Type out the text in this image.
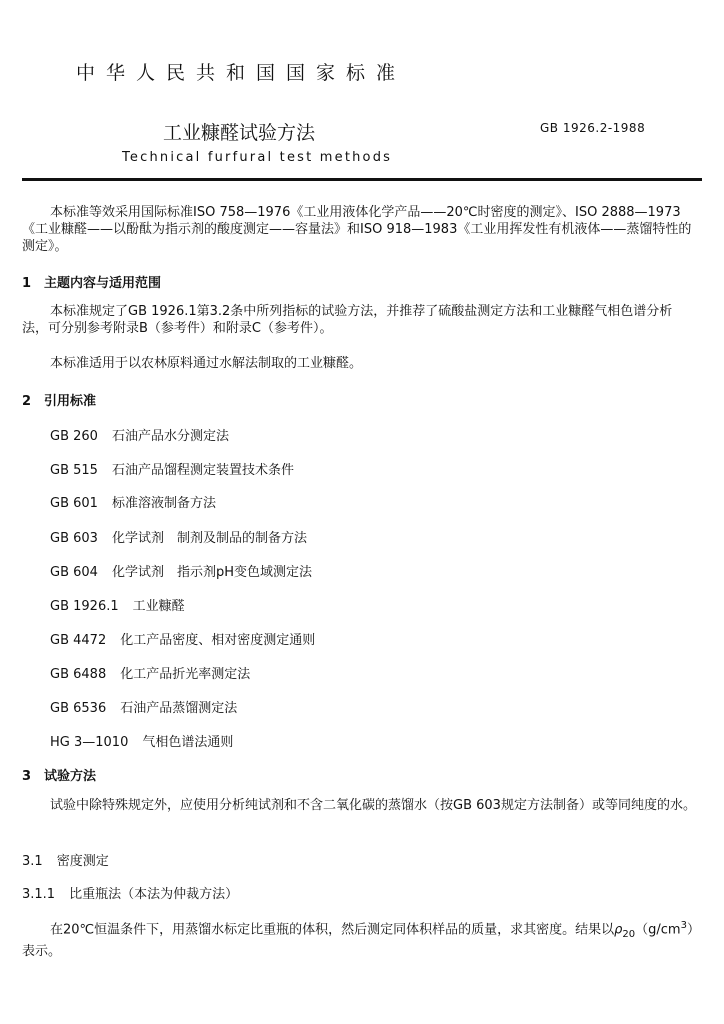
中华人民共和国国家标准
工业糠醛试验方法	GB 1926.2-1988
Technical furfural test methods
本标准等效采用国际标准ISO 758—1976《工业用液体化学产品——20℃时密度的测定》、ISO 2888—1973《工业糠醛——以酚酞为指示剂的酸度测定——容量法》和ISO 918—1983《工业用挥发性有机液体——蒸馏特性的测定》。
1 主题内容与适用范围
本标准规定了GB 1926.1第3.2条中所列指标的试验方法，并推荐了硫酸盐测定方法和工业糠醛气相色谱分析法，可分别参考附录B（参考件）和附录C（参考件）。
本标准适用于以农林原料通过水解法制取的工业糠醛。
2 引用标准
GB 260 石油产品水分测定法
GB 515 石油产品馏程测定装置技术条件
GB 601 标准溶液制备方法
GB 603 化学试剂　制剂及制品的制备方法
GB 604 化学试剂　指示剂pH变色域测定法
GB 1926.1 工业糠醛
GB 4472 化工产品密度、相对密度测定通则
GB 6488 化工产品折光率测定法
GB 6536 石油产品蒸馏测定法
HG 3—1010 气相色谱法通则
3 试验方法
试验中除特殊规定外，应使用分析纯试剂和不含二氧化碳的蒸馏水（按GB 603规定方法制备）或等同纯度的水。
3.1 密度测定
3.1.1 比重瓶法（本法为仲裁方法）
在20℃恒温条件下，用蒸馏水标定比重瓶的体积，然后测定同体积样品的质量，求其密度。结果以$\rho_{20}(g/cm^3)$表示。
